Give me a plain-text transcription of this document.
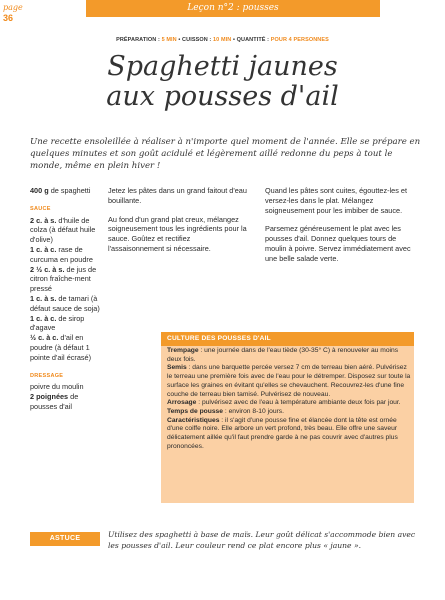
page
36
Leçon n°2 : pousses
PRÉPARATION : 5 MIN • CUISSON : 10 MIN • QUANTITÉ : POUR 4 PERSONNES
Spaghetti jaunes
aux pousses d'ail
Une recette ensoleillée à réaliser à n'importe quel moment de l'année. Elle se prépare en quelques minutes et son goût acidulé et légèrement aillé redonne du peps à tout le monde, même en plein hiver !
400 g de spaghetti
SAUCE
2 c. à s. d'huile de colza (à défaut huile d'olive)
1 c. à c. rase de curcuma en poudre
2 ½ c. à s. de jus de citron fraîche-ment pressé
1 c. à s. de tamari (à défaut sauce de soja)
1 c. à c. de sirop d'agave
½ c. à c. d'ail en poudre (à défaut 1 pointe d'ail écrasé)
DRESSAGE
poivre du moulin
2 poignées de pousses d'ail
Jetez les pâtes dans un grand faitout d'eau bouillante.
Au fond d'un grand plat creux, mélangez soigneusement tous les ingrédients pour la sauce. Goûtez et rectifiez l'assaisonnement si nécessaire.
Quand les pâtes sont cuites, égouttez-les et versez-les dans le plat. Mélangez soigneusement pour les imbiber de sauce.
Parsemez généreusement le plat avec les pousses d'ail. Donnez quelques tours de moulin à poivre. Servez immédiatement avec une belle salade verte.
CULTURE DES POUSSES D'AIL

Trempage : une journée dans de l'eau tiède (30-35° C) à renouveler au moins deux fois.

Semis : dans une barquette percée versez 7 cm de terreau bien aéré. Pulvérisez le terreau une première fois avec de l'eau pour le détremper. Disposez sur toute la surface les graines en évitant qu'elles se chevauchent. Recouvrez-les d'une fine couche de terreau bien tamisé. Pulvérisez de nouveau.

Arrosage : pulvérisez avec de l'eau à température ambiante deux fois par jour.

Temps de pousse : environ 8-10 jours.

Caractéristiques : il s'agit d'une pousse fine et élancée dont la tête est ornée d'une coiffe noire. Elle arbore un vert profond, très beau. Elle offre une saveur délicatement aillée qu'il faut prendre garde à ne pas couvrir avec d'autres plus prononcées.

ASTUCE	Utilisez des spaghetti à base de maïs. Leur goût délicat s'accommode bien avec les pousses d'ail. Leur couleur rend ce plat encore plus « jaune ».
